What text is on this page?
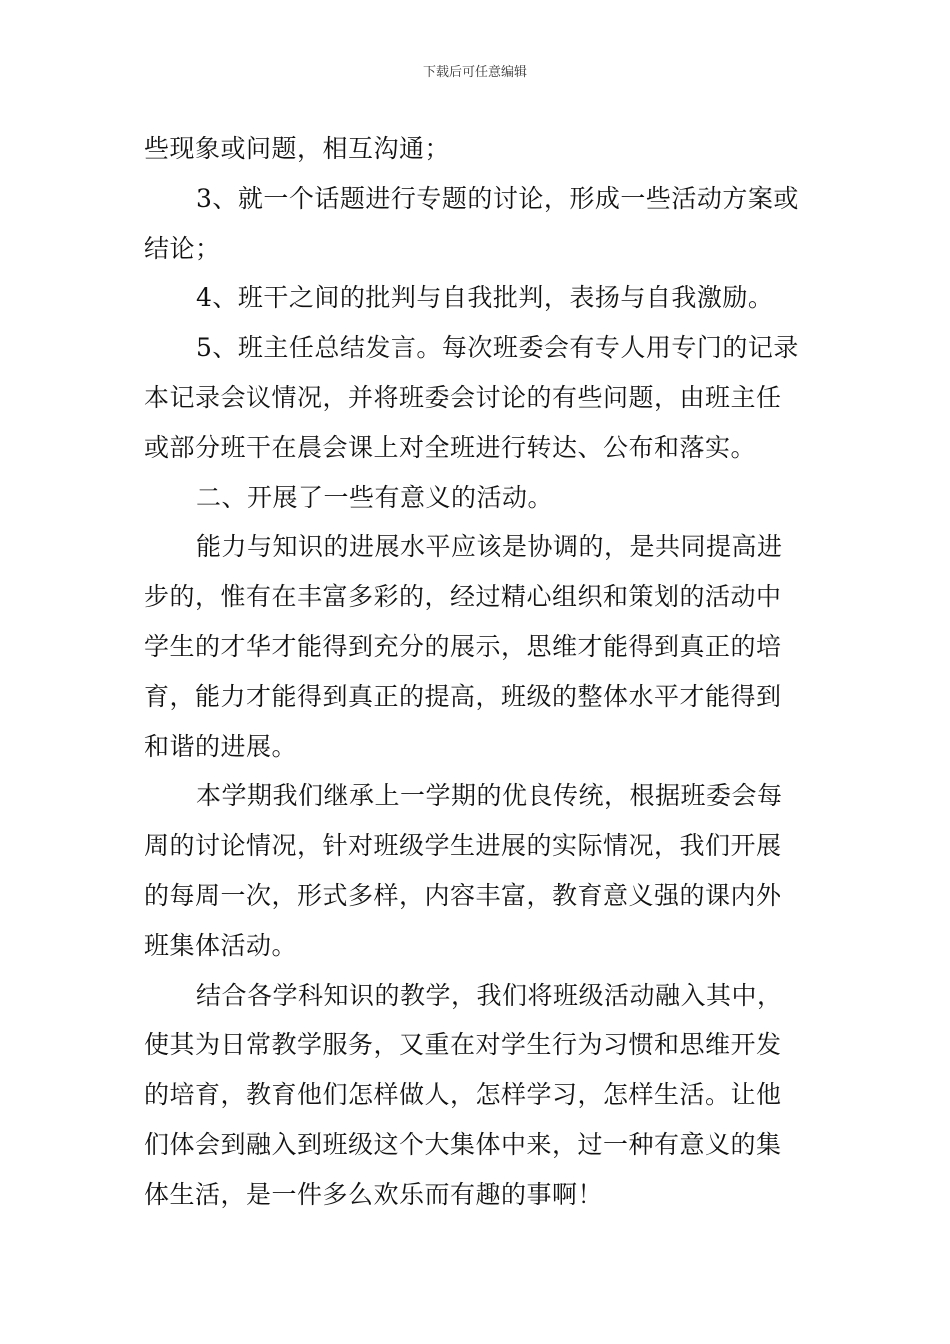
下载后可任意编辑
些现象或问题，相互沟通；
3、就一个话题进行专题的讨论，形成一些活动方案或
结论；
4、班干之间的批判与自我批判，表扬与自我激励。
5、班主任总结发言。每次班委会有专人用专门的记录
本记录会议情况，并将班委会讨论的有些问题，由班主任
或部分班干在晨会课上对全班进行转达、公布和落实。
二、开展了一些有意义的活动。
能力与知识的进展水平应该是协调的，是共同提高进
步的，惟有在丰富多彩的，经过精心组织和策划的活动中
学生的才华才能得到充分的展示，思维才能得到真正的培
育，能力才能得到真正的提高，班级的整体水平才能得到
和谐的进展。
本学期我们继承上一学期的优良传统，根据班委会每
周的讨论情况，针对班级学生进展的实际情况，我们开展
的每周一次，形式多样，内容丰富，教育意义强的课内外
班集体活动。
结合各学科知识的教学，我们将班级活动融入其中，
使其为日常教学服务，又重在对学生行为习惯和思维开发
的培育，教育他们怎样做人，怎样学习，怎样生活。让他
们体会到融入到班级这个大集体中来，过一种有意义的集
体生活，是一件多么欢乐而有趣的事啊！
